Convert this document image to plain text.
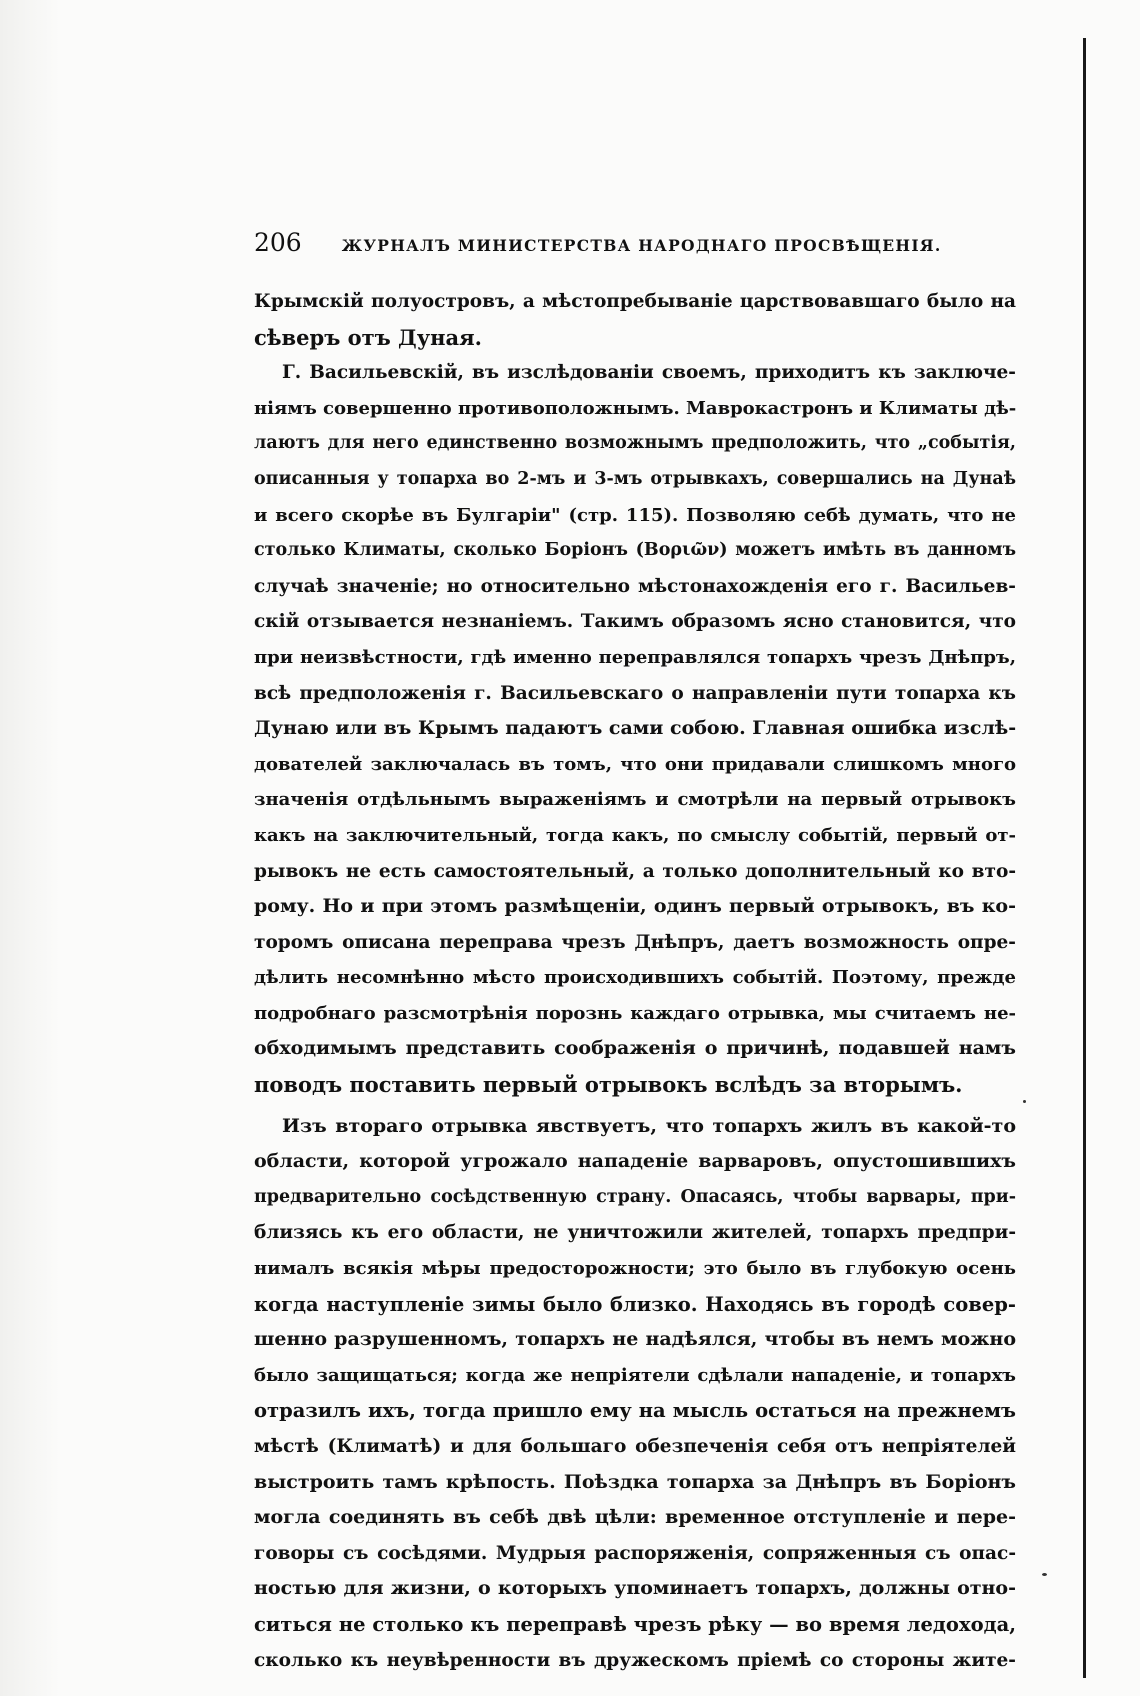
206	ЖУРНАЛЪ МИНИСТЕРСТВА НАРОДНАГО ПРОСВѢЩЕНІЯ.
Крымскій полуостровъ, а мѣстопребываніе царствовавшаго было на
сѣверъ отъ Дуная.
Г. Васильевскій, въ изслѣдованіи своемъ, приходитъ къ заключе-
ніямъ совершенно противоположнымъ. Маврокастронъ и Климаты дѣ-
лаютъ для него единственно возможнымъ предположить, что „событія,
описанныя у топарха во 2-мъ и 3-мъ отрывкахъ, совершались на Дунаѣ
и всего скорѣе въ Булгаріи" (стр. 115). Позволяю себѣ думать, что не
столько Климаты, сколько Боріонъ (Βοριῶν) можетъ имѣть въ данномъ
случаѣ значеніе; но относительно мѣстонахожденія его г. Васильев-
скій отзывается незнаніемъ. Такимъ образомъ ясно становится, что
при неизвѣстности, гдѣ именно переправлялся топархъ чрезъ Днѣпръ,
всѣ предположенія г. Васильевскаго о направленіи пути топарха къ
Дунаю или въ Крымъ падаютъ сами собою. Главная ошибка изслѣ-
дователей заключалась въ томъ, что они придавали слишкомъ много
значенія отдѣльнымъ выраженіямъ и смотрѣли на первый отрывокъ
какъ на заключительный, тогда какъ, по смыслу событій, первый от-
рывокъ не есть самостоятельный, а только дополнительный ко вто-
рому. Но и при этомъ размѣщеніи, одинъ первый отрывокъ, въ ко-
торомъ описана переправа чрезъ Днѣпръ, даетъ возможность опре-
дѣлить несомнѣнно мѣсто происходившихъ событій. Поэтому, прежде
подробнаго разсмотрѣнія порознь каждаго отрывка, мы считаемъ не-
обходимымъ представить соображенія о причинѣ, подавшей намъ
поводъ поставить первый отрывокъ вслѣдъ за вторымъ.
Изъ втораго отрывка явствуетъ, что топархъ жилъ въ какой-то
области, которой угрожало нападеніе варваровъ, опустошившихъ
предварительно сосѣдственную страну. Опасаясь, чтобы варвары, при-
близясь къ его области, не уничтожили жителей, топархъ предпри-
нималъ всякія мѣры предосторожности; это было въ глубокую осень
когда наступленіе зимы было близко. Находясь въ городѣ совер-
шенно разрушенномъ, топархъ не надѣялся, чтобы въ немъ можно
было защищаться; когда же непріятели сдѣлали нападеніе, и топархъ
отразилъ ихъ, тогда пришло ему на мысль остаться на прежнемъ
мѣстѣ (Климатѣ) и для большаго обезпеченія себя отъ непріятелей
выстроить тамъ крѣпость. Поѣздка топарха за Днѣпръ въ Боріонъ
могла соединять въ себѣ двѣ цѣли: временное отступленіе и пере-
говоры съ сосѣдями. Мудрыя распоряженія, сопряженныя съ опас-
ностью для жизни, о которыхъ упоминаетъ топархъ, должны отно-
ситься не столько къ переправѣ чрезъ рѣку — во время ледохода,
сколько къ неувѣренности въ дружескомъ пріемѣ со стороны жите-
